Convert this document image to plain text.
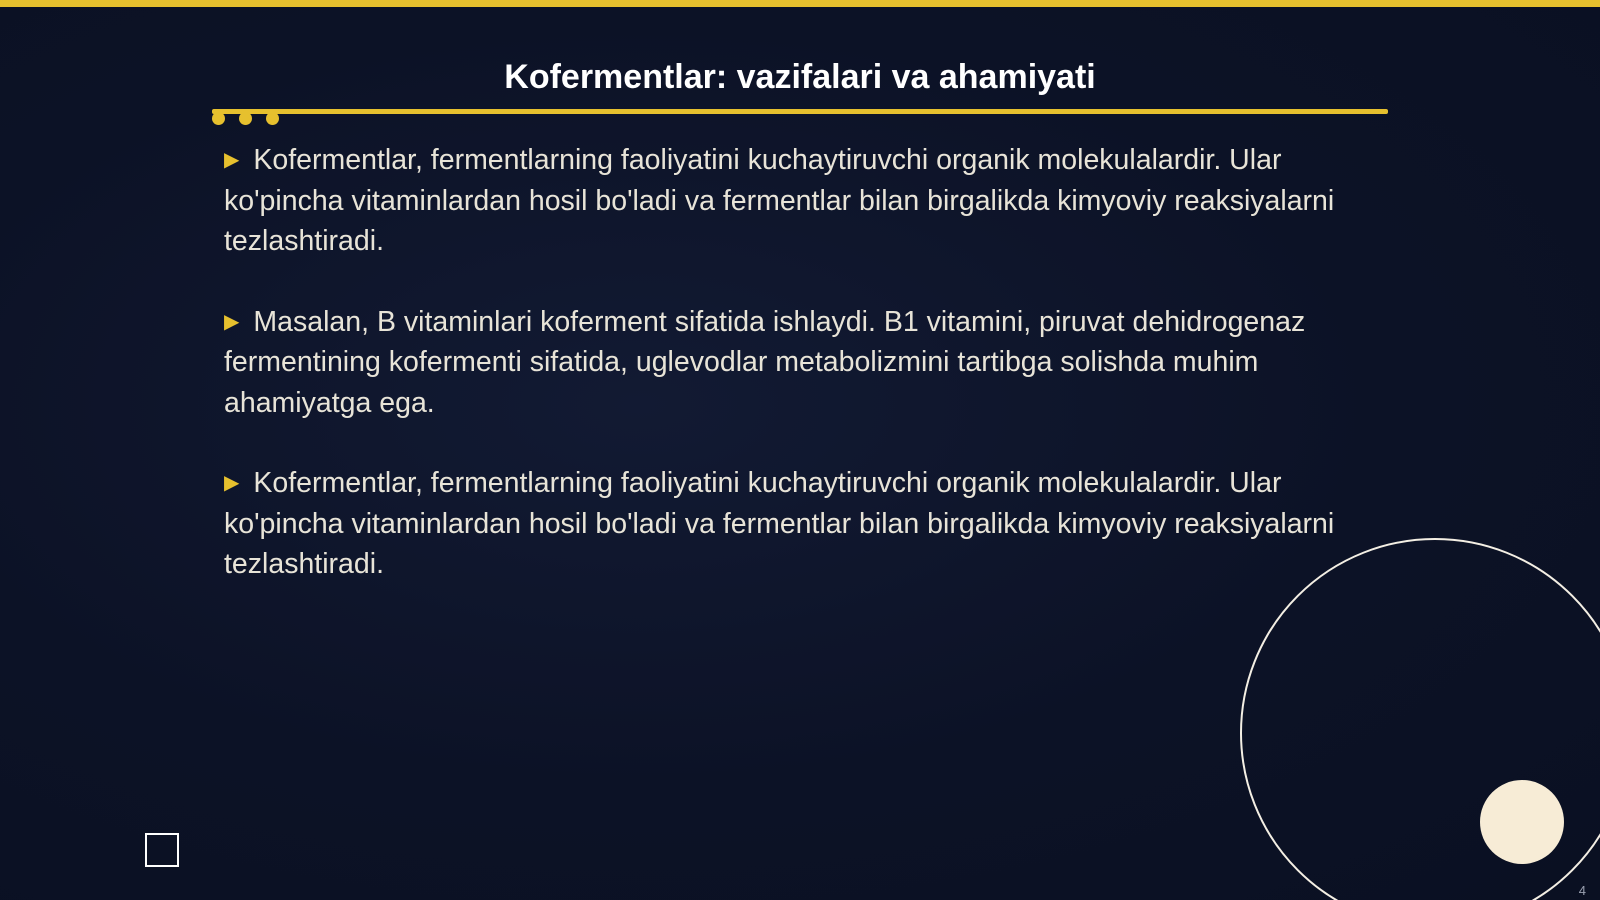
Kofermentlar: vazifalari va ahamiyati
▶ Kofermentlar, fermentlarning faoliyatini kuchaytiruvchi organik molekulalardir. Ular ko'pincha vitaminlardan hosil bo'ladi va fermentlar bilan birgalikda kimyoviy reaksiyalarni tezlashtiradi.
▶ Masalan, B vitaminlari koferment sifatida ishlaydi. B1 vitamini, piruvat dehidrogenaz fermentining kofermenti sifatida, uglevodlar metabolizmini tartibga solishda muhim ahamiyatga ega.
▶ Kofermentlar, fermentlarning faoliyatini kuchaytiruvchi organik molekulalardir. Ular ko'pincha vitaminlardan hosil bo'ladi va fermentlar bilan birgalikda kimyoviy reaksiyalarni tezlashtiradi.
4
